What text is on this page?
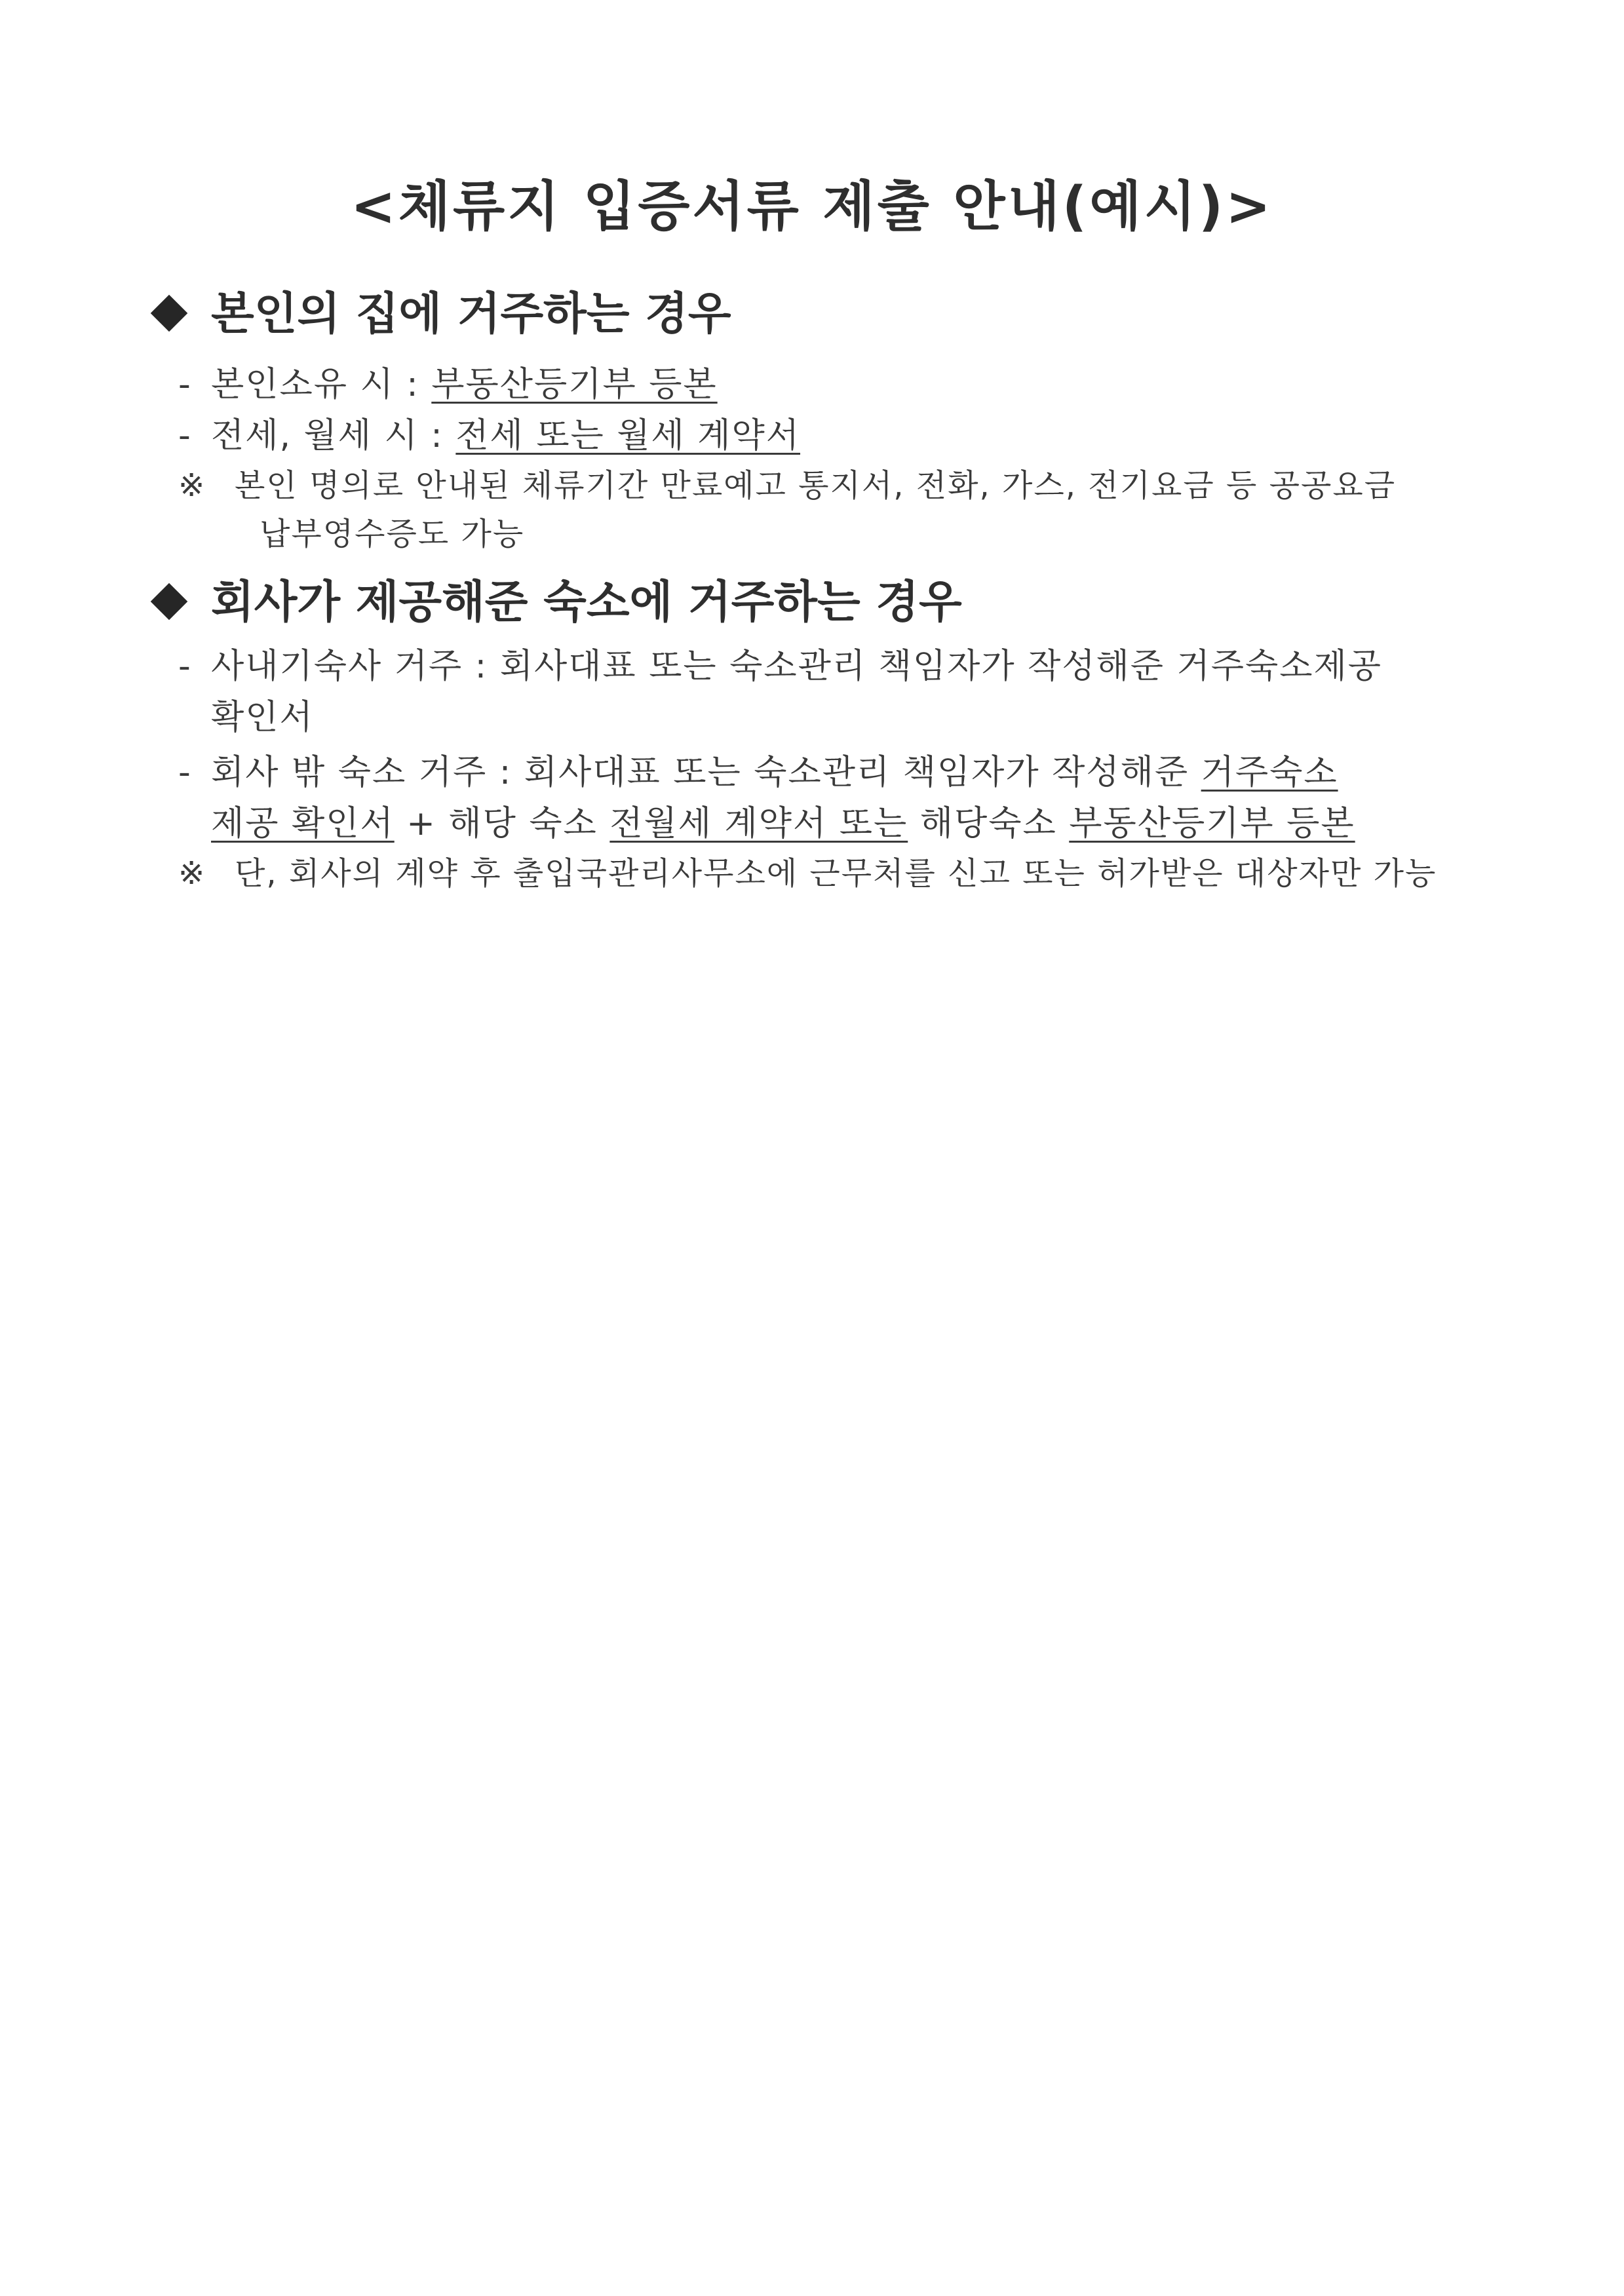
<체류지 입증서류 제출 안내(예시)>
본인의 집에 거주하는 경우
- 본인소유 시 : 부동산등기부 등본
- 전세, 월세 시 : 전세 또는 월세 계약서
※ 본인 명의로 안내된 체류기간 만료예고 통지서, 전화, 가스, 전기요금 등 공공요금
납부영수증도 가능
회사가 제공해준 숙소에 거주하는 경우
- 사내기숙사 거주 : 회사대표 또는 숙소관리 책임자가 작성해준 거주숙소제공
확인서
- 회사 밖 숙소 거주 : 회사대표 또는 숙소관리 책임자가 작성해준 거주숙소
제공 확인서 + 해당 숙소 전월세 계약서 또는 해당숙소 부동산등기부 등본
※ 단, 회사의 계약 후 출입국관리사무소에 근무처를 신고 또는 허가받은 대상자만 가능
